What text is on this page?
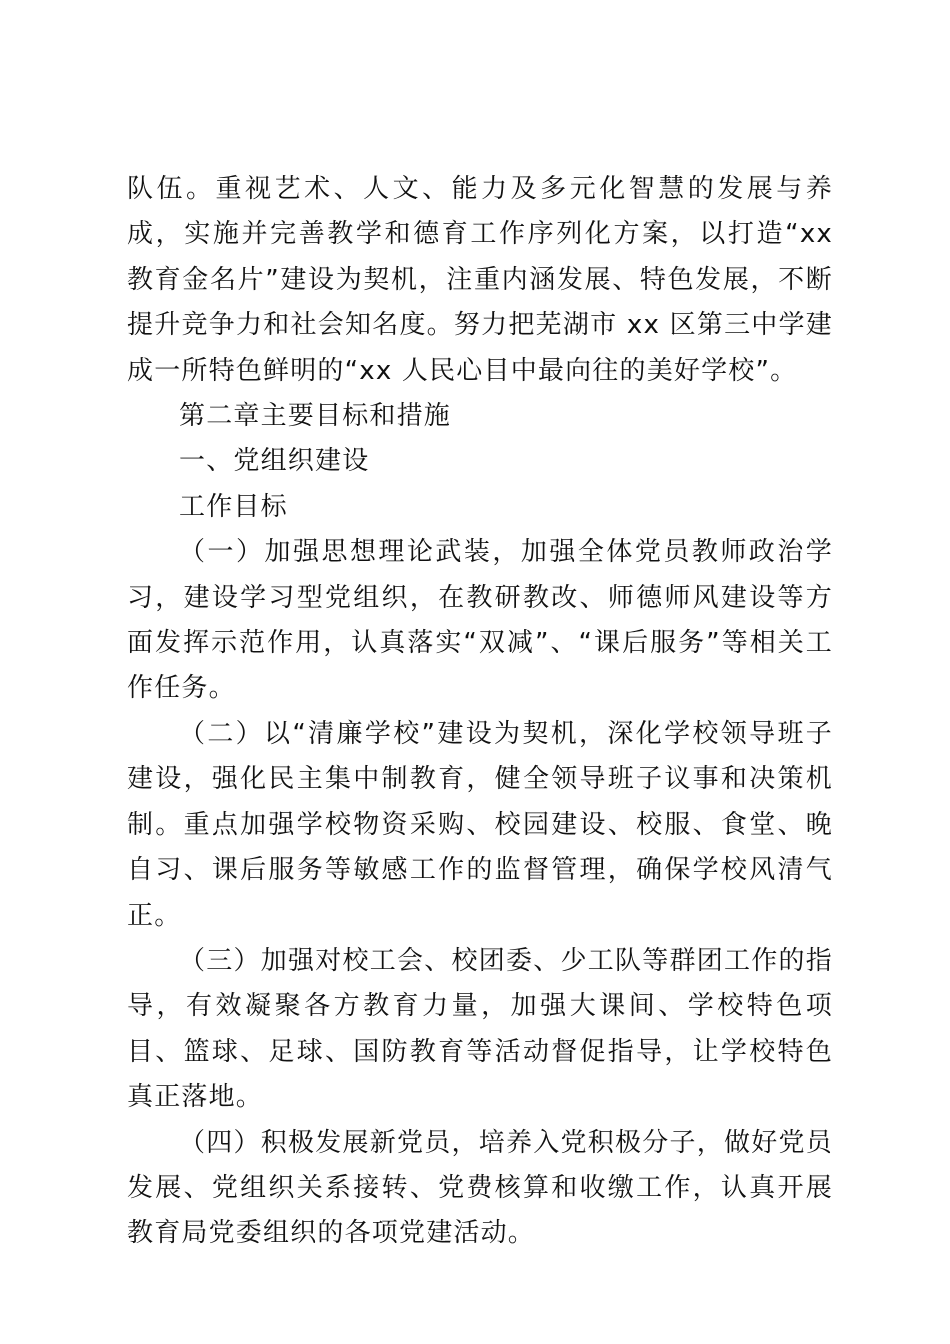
队伍。重视艺术、人文、能力及多元化智慧的发展与养成，实施并完善教学和德育工作序列化方案，以打造“xx 教育金名片”建设为契机，注重内涵发展、特色发展，不断提升竞争力和社会知名度。努力把芜湖市 xx 区第三中学建成一所特色鲜明的“xx 人民心目中最向往的美好学校”。

第二章主要目标和措施

一、党组织建设

工作目标

（一）加强思想理论武装，加强全体党员教师政治学习，建设学习型党组织，在教研教改、师德师风建设等方面发挥示范作用，认真落实“双减”、“课后服务”等相关工作任务。

（二）以“清廉学校”建设为契机，深化学校领导班子建设，强化民主集中制教育，健全领导班子议事和决策机制。重点加强学校物资采购、校园建设、校服、食堂、晚自习、课后服务等敏感工作的监督管理，确保学校风清气正。

（三）加强对校工会、校团委、少工队等群团工作的指导，有效凝聚各方教育力量，加强大课间、学校特色项目、篮球、足球、国防教育等活动督促指导，让学校特色真正落地。

（四）积极发展新党员，培养入党积极分子，做好党员发展、党组织关系接转、党费核算和收缴工作，认真开展教育局党委组织的各项党建活动。
